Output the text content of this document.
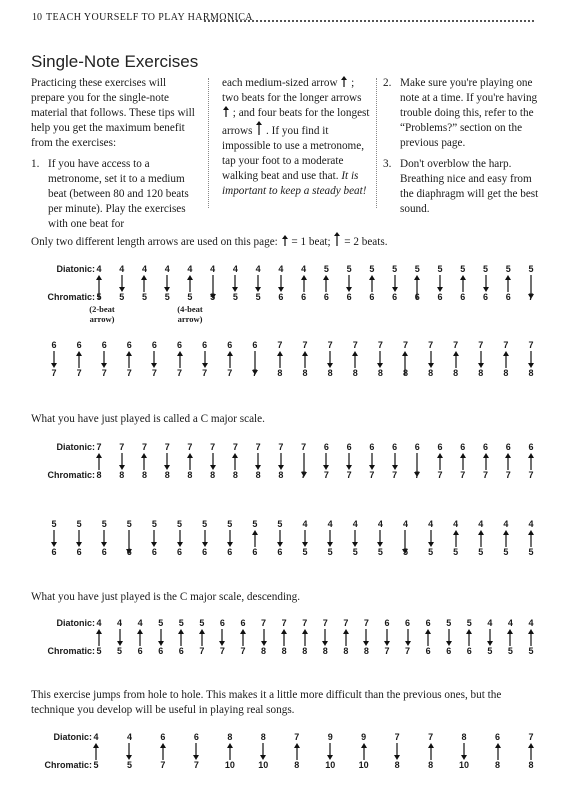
10 TEACH YOURSELF TO PLAY HARMONICA
Single-Note Exercises

Practicing these exercises will prepare you for the single-note material that follows. These tips will help you get the maximum benefit from the exercises:

1. If you have access to a metronome, set it to a medium beat (between 80 and 120 beats per minute). Play the exercises with one beat for

each medium-sized arrow ; two beats for the longer arrows  ; and four beats for the longest arrows . If you find it impossible to use a metronome, tap your foot to a moderate walking beat and use that. It is important to keep a steady beat!

2. Make sure you're playing one note at a time. If you're having trouble doing this, refer to the “Problems?” section on the previous page.
3. Don't overblow the harp. Breathing nice and easy from the diaphragm will get the best sound.
Only two different length arrows are used on this page: = 1 beat; = 2 beats.
(2-beat arrow)
(4-beat arrow)
What you have just played is called a C major scale.
What you have just played is the C major scale, descending.
This exercise jumps from hole to hole. This makes it a little more difficult than the previous ones, but the technique you develop will be useful in playing real songs.
Diatonic:
Chromatic:
4
5
4
5
4
5
4
5
4
5
4
5
4
5
4
5
4
6
4
6
5
6
5
6
5
6
5
6
5
6
5
6
5
6
5
6
5
6
5
7
6
7
6
7
6
7
6
7
6
7
6
7
6
7
6
7
6
7
7
8
7
8
7
8
7
8
7
8
7
8
7
8
7
8
7
8
7
8
7
8
Diatonic:
Chromatic:
7
8
7
8
7
8
7
8
7
8
7
8
7
8
7
8
7
8
7
7
6
7
6
7
6
7
6
7
6
7
6
7
6
7
6
7
6
7
6
7
5
6
5
6
5
6
5
6
5
6
5
6
5
6
5
6
5
6
5
6
4
5
4
5
4
5
4
5
4
5
4
5
4
5
4
5
4
5
4
5
Diatonic:
Chromatic:
4
5
4
5
4
6
5
6
5
6
5
7
6
7
6
7
7
8
7
8
7
8
7
8
7
8
7
8
6
7
6
7
6
6
5
6
5
6
4
5
4
5
4
5
Diatonic:
Chromatic:
4
5
4
5
6
7
6
7
8
10
8
10
7
8
9
10
9
10
7
8
7
8
8
10
6
8
7
8
